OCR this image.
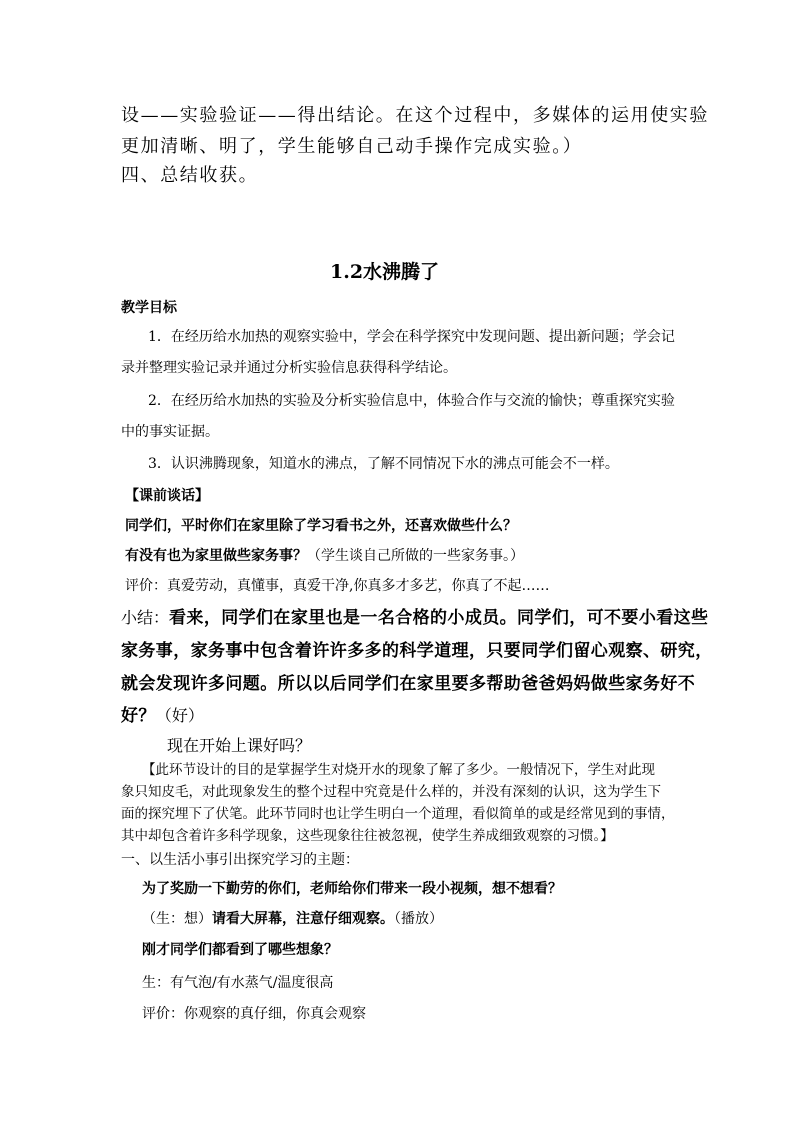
设——实验验证——得出结论。在这个过程中，多媒体的运用使实验
更加清晰、明了，学生能够自己动手操作完成实验。）
四、总结收获。
1.2水沸腾了
教学目标
1．在经历给水加热的观察实验中，学会在科学探究中发现问题、提出新问题；学会记
录并整理实验记录并通过分析实验信息获得科学结论。
2．在经历给水加热的实验及分析实验信息中，体验合作与交流的愉快；尊重探究实验
中的事实证据。
3．认识沸腾现象，知道水的沸点，了解不同情况下水的沸点可能会不一样。
【课前谈话】
同学们，平时你们在家里除了学习看书之外，还喜欢做些什么？
有没有也为家里做些家务事？（学生谈自己所做的一些家务事。）
评价：真爱劳动，真懂事，真爱干净,你真多才多艺，你真了不起……
小结：看来，同学们在家里也是一名合格的小成员。同学们，可不要小看这些
家务事，家务事中包含着许许多多的科学道理，只要同学们留心观察、研究，
就会发现许多问题。所以以后同学们在家里要多帮助爸爸妈妈做些家务好不
好？（好）
现在开始上课好吗？
【此环节设计的目的是掌握学生对烧开水的现象了解了多少。一般情况下，学生对此现
象只知皮毛，对此现象发生的整个过程中究竟是什么样的，并没有深刻的认识，这为学生下
面的探究埋下了伏笔。此环节同时也让学生明白一个道理，看似简单的或是经常见到的事情，
其中却包含着许多科学现象，这些现象往往被忽视，使学生养成细致观察的习惯。】
一、以生活小事引出探究学习的主题：
为了奖励一下勤劳的你们，老师给你们带来一段小视频，想不想看？
（生：想）请看大屏幕，注意仔细观察。（播放）
刚才同学们都看到了哪些想象？
生：有气泡/有水蒸气/温度很高
评价：你观察的真仔细，你真会观察
